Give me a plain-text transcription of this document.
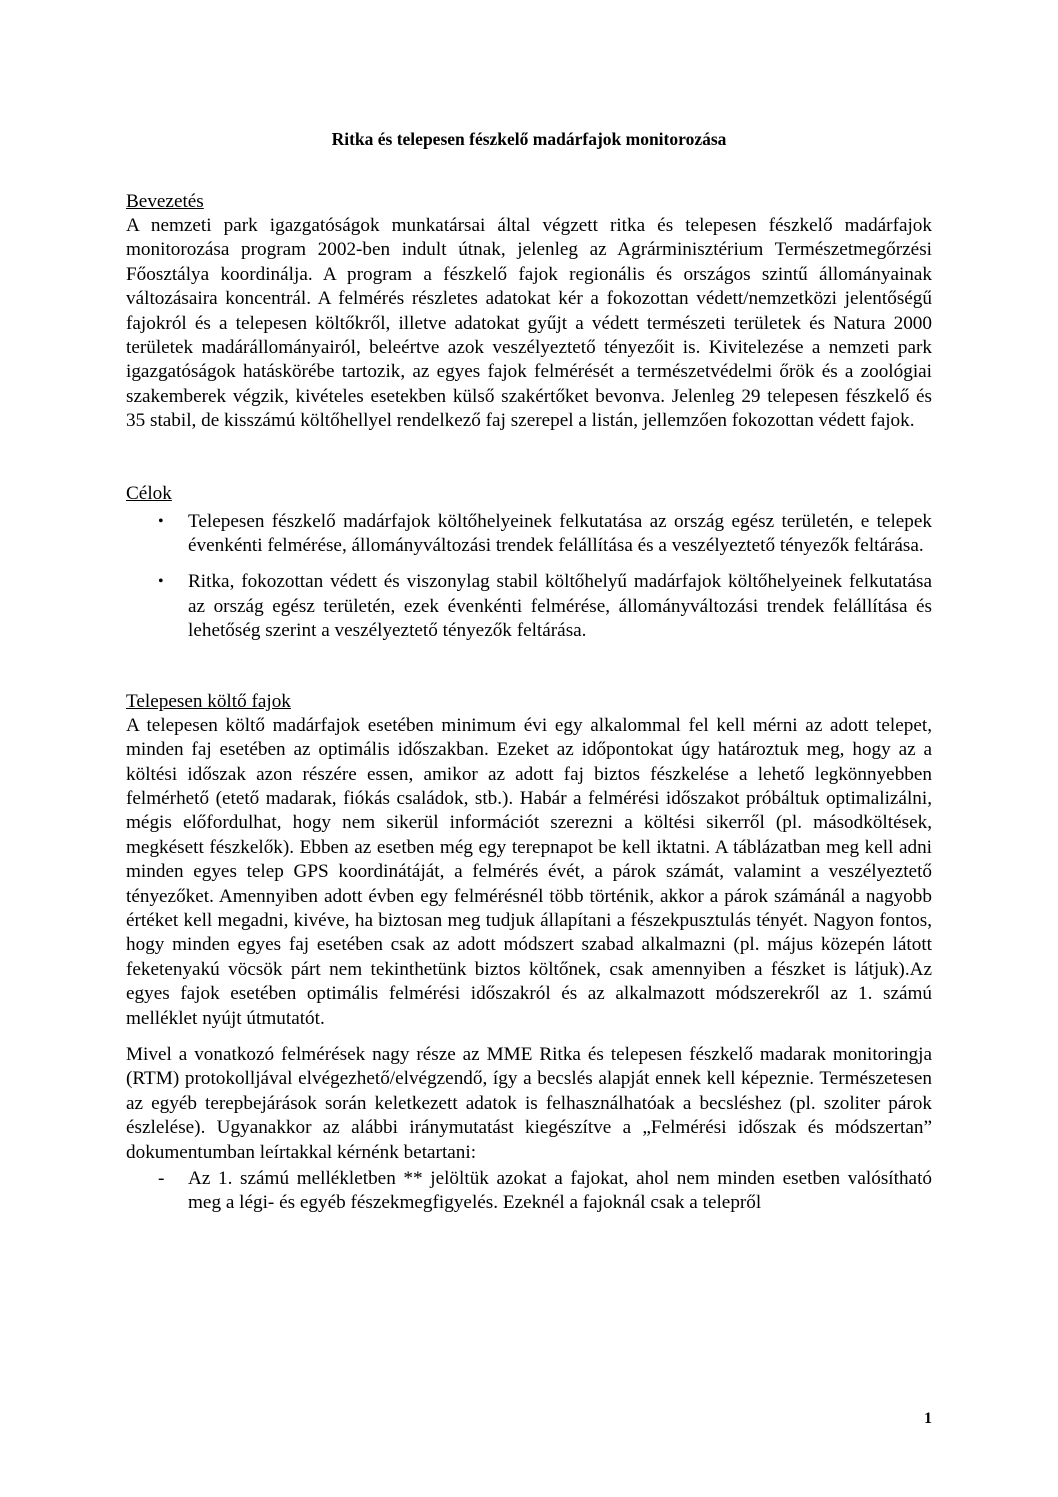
Ritka és telepesen fészkelő madárfajok monitorozása
Bevezetés

A nemzeti park igazgatóságok munkatársai által végzett ritka és telepesen fészkelő madárfajok monitorozása program 2002-ben indult útnak, jelenleg az Agrárminisztérium Természetmegőrzési Főosztálya koordinálja. A program a fészkelő fajok regionális és országos szintű állományainak változásaira koncentrál. A felmérés részletes adatokat kér a fokozottan védett/nemzetközi jelentőségű fajokról és a telepesen költőkről, illetve adatokat gyűjt a védett természeti területek és Natura 2000 területek madárállományairól, beleértve azok veszélyeztető tényezőit is. Kivitelezése a nemzeti park igazgatóságok hatáskörébe tartozik, az egyes fajok felmérését a természetvédelmi őrök és a zoológiai szakemberek végzik, kivételes esetekben külső szakértőket bevonva. Jelenleg 29 telepesen fészkelő és 35 stabil, de kisszámú költőhellyel rendelkező faj szerepel a listán, jellemzően fokozottan védett fajok.

Célok
• Telepesen fészkelő madárfajok költőhelyeinek felkutatása az ország egész területén, e telepek évenkénti felmérése, állományváltozási trendek felállítása és a veszélyeztető tényezők feltárása.
• Ritka, fokozottan védett és viszonylag stabil költőhelyű madárfajok költőhelyeinek felkutatása az ország egész területén, ezek évenkénti felmérése, állományváltozási trendek felállítása és lehetőség szerint a veszélyeztető tényezők feltárása.
Telepesen költő fajok

A telepesen költő madárfajok esetében minimum évi egy alkalommal fel kell mérni az adott telepet, minden faj esetében az optimális időszakban. Ezeket az időpontokat úgy határoztuk meg, hogy az a költési időszak azon részére essen, amikor az adott faj biztos fészkelése a lehető legkönnyebben felmérhető (etető madarak, fiókás családok, stb.). Habár a felmérési időszakot próbáltuk optimalizálni, mégis előfordulhat, hogy nem sikerül információt szerezni a költési sikerről (pl. másodköltések, megkésett fészkelők). Ebben az esetben még egy terepnapot be kell iktatni. A táblázatban meg kell adni minden egyes telep GPS koordinátáját, a felmérés évét, a párok számát, valamint a veszélyeztető tényezőket. Amennyiben adott évben egy felmérésnél több történik, akkor a párok számánál a nagyobb értéket kell megadni, kivéve, ha biztosan meg tudjuk állapítani a fészekpusztulás tényét. Nagyon fontos, hogy minden egyes faj esetében csak az adott módszert szabad alkalmazni (pl. május közepén látott feketenyakú vöcsök párt nem tekinthetünk biztos költőnek, csak amennyiben a fészket is látjuk).Az egyes fajok esetében optimális felmérési időszakról és az alkalmazott módszerekről az 1. számú melléklet nyújt útmutatót.

Mivel a vonatkozó felmérések nagy része az MME Ritka és telepesen fészkelő madarak monitoringja (RTM) protokolljával elvégezhető/elvégzendő, így a becslés alapját ennek kell képeznie. Természetesen az egyéb terepbejárások során keletkezett adatok is felhasználhatóak a becsléshez (pl. szoliter párok észlelése). Ugyanakkor az alábbi iránymutatást kiegészítve a „Felmérési időszak és módszertan” dokumentumban leírtakkal kérnénk betartani:

- Az 1. számú mellékletben ** jelöltük azokat a fajokat, ahol nem minden esetben valósítható meg a légi- és egyéb fészekmegfigyelés. Ezeknél a fajoknál csak a telepről
1
